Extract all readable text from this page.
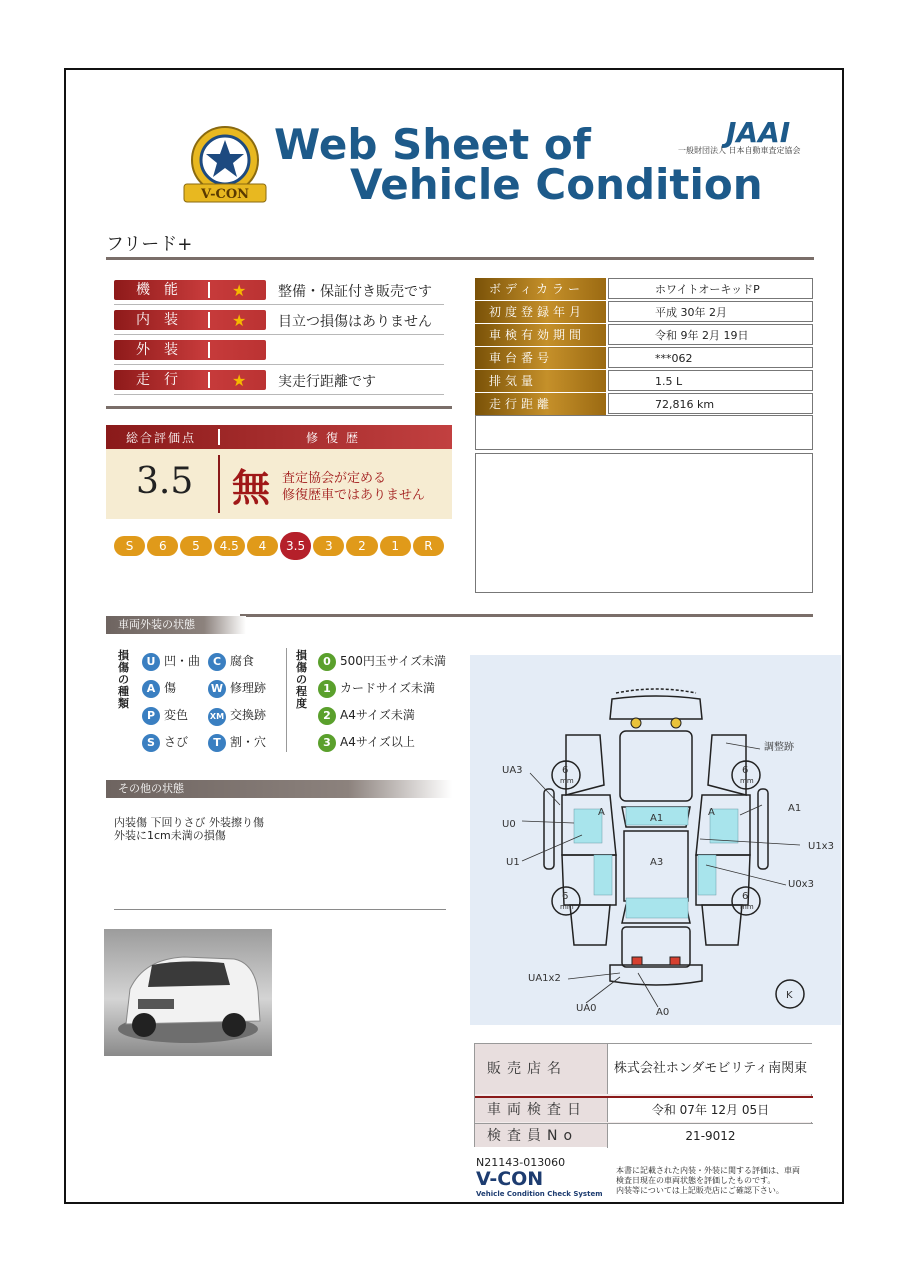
V-CON
Web Sheet of
Vehicle Condition
JAAI
一般財団法人 日本自動車査定協会
フリード+
機能	★ 整備・保証付き販売です
内装	★ 目立つ損傷はありません
外装
走行	★ 実走行距離です
総合評価点	修復歴
3.5 無 査定協会が定める
修復歴車ではありません
S	6	5	4.5	4	3.5	3	2	1	R
ボディカラー	ホワイトオーキッドP
初度登録年月	平成 30年 2月
車検有効期間	令和 9年 2月 19日
車台番号	***062
排気量	1.5 L
走行距離	72,816 km
車両外装の状態
損傷の種類
U 凹・曲	C 腐食
A 傷	W 修理跡
P 変色	XM 交換跡
S さび	T 割・穴
損傷の程度
0 500円玉サイズ未満
1 カードサイズ未満
2 A4サイズ未満
3 A4サイズ以上
その他の状態
内装傷 下回りさび 外装擦り傷
外装に1cm未満の損傷
調整跡
UA3
U0
U1
A1
U1x3
U0x3
A1
A3
UA1x2
UA0	A0
K
6	6
6	6
mm	mm
mm	mm
A	A
販売店名	株式会社ホンダモビリティ南関東
車両検査日	令和 07年 12月 05日
検査員No	21-9012
N21143-013060
V-CON
Vehicle Condition Check System
本書に記載された内装・外装に関する評価は、車両
検査日現在の車両状態を評価したものです。
内装等については上記販売店にご確認下さい。
